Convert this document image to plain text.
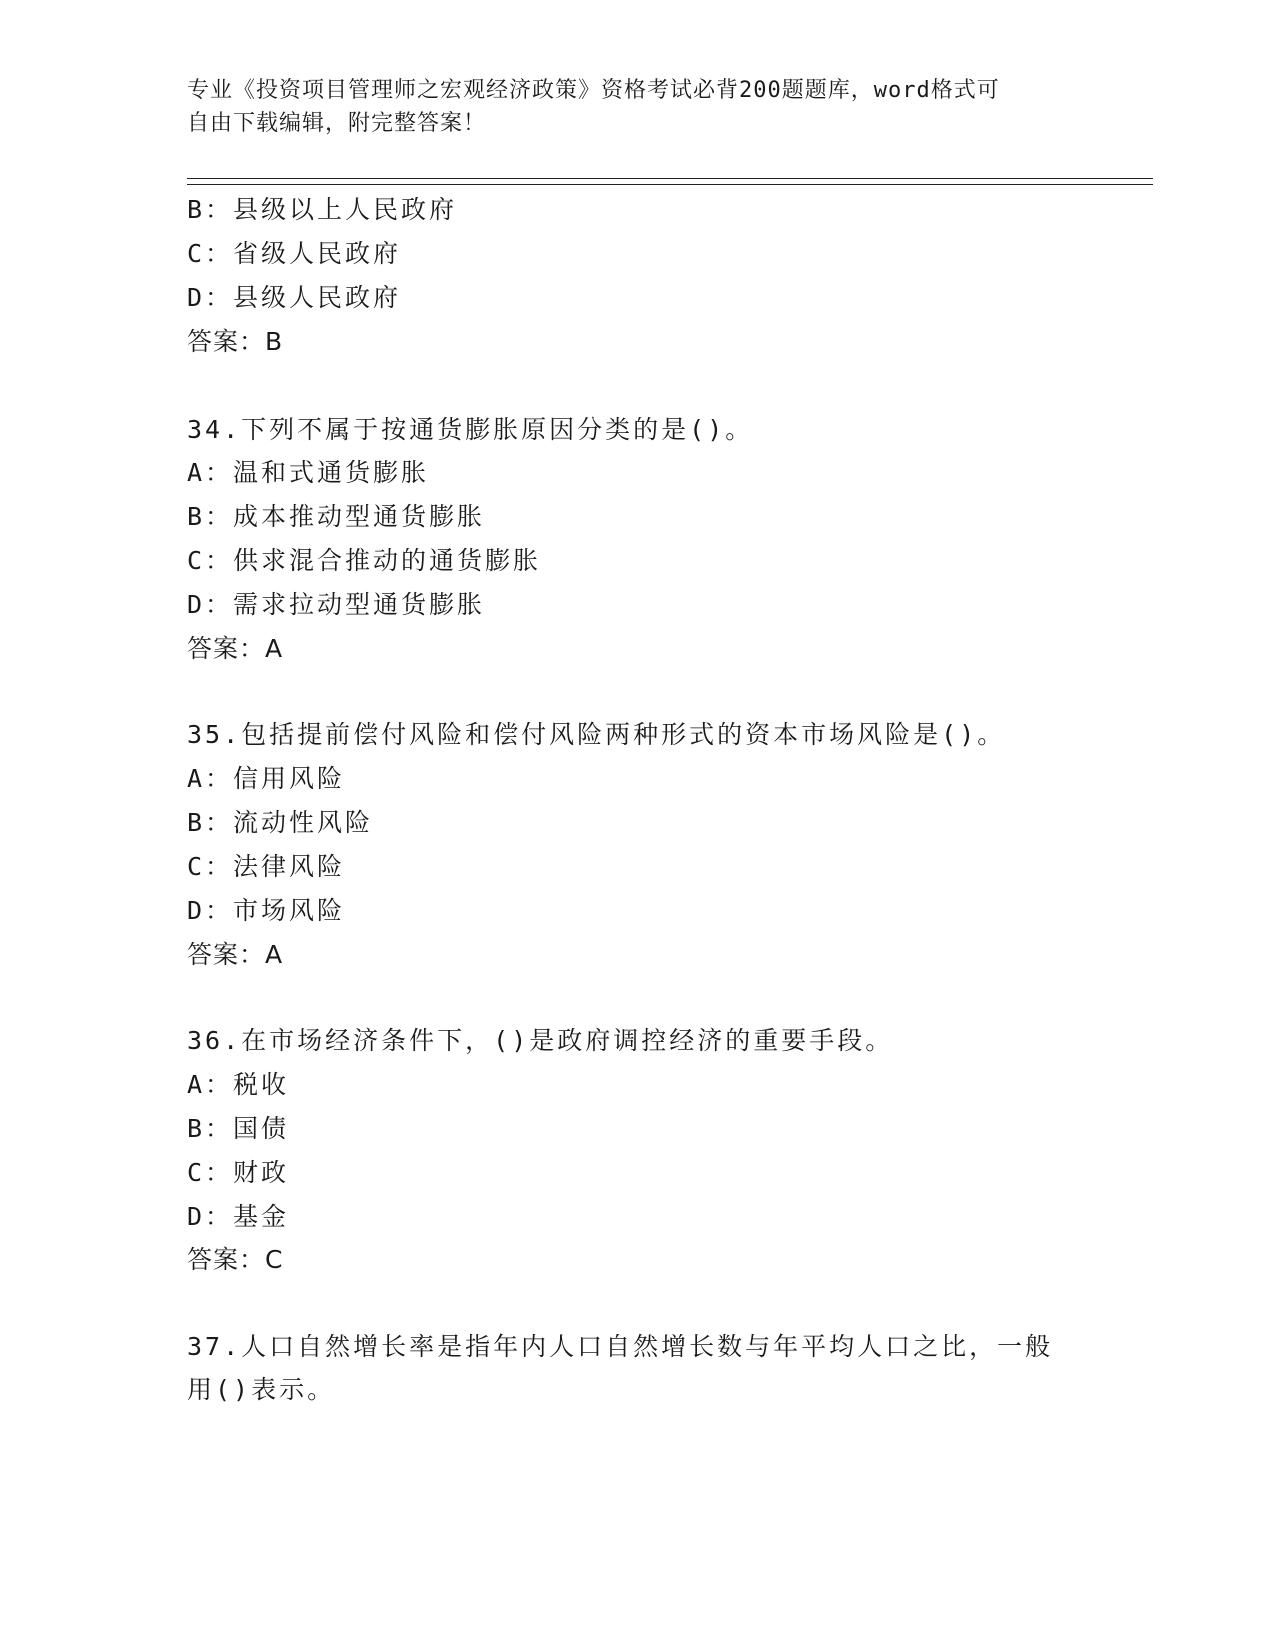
专业《投资项目管理师之宏观经济政策》资格考试必背200题题库，word格式可
自由下载编辑，附完整答案！
B：县级以上人民政府
C：省级人民政府
D：县级人民政府
答案：B
34.下列不属于按通货膨胀原因分类的是()。
A：温和式通货膨胀
B：成本推动型通货膨胀
C：供求混合推动的通货膨胀
D：需求拉动型通货膨胀
答案：A
35.包括提前偿付风险和偿付风险两种形式的资本市场风险是()。
A：信用风险
B：流动性风险
C：法律风险
D：市场风险
答案：A
36.在市场经济条件下，()是政府调控经济的重要手段。
A：税收
B：国债
C：财政
D：基金
答案：C
37.人口自然增长率是指年内人口自然增长数与年平均人口之比，一般
用()表示。
